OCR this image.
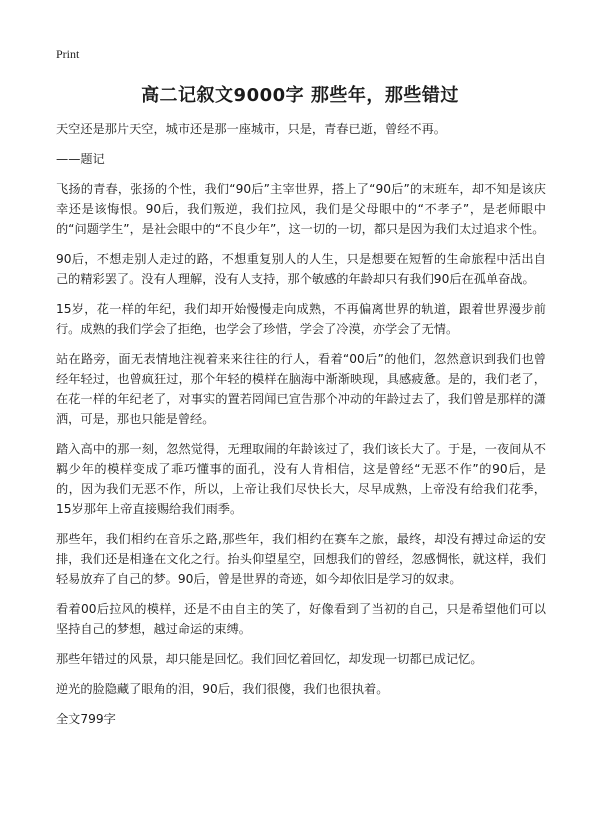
Print
高二记叙文9000字 那些年，那些错过

天空还是那片天空，城市还是那一座城市，只是，青春已逝，曾经不再。

——题记

飞扬的青春，张扬的个性，我们“90后”主宰世界，搭上了“90后”的末班车，却不知是该庆幸还是该悔恨。90后，我们叛逆，我们拉风，我们是父母眼中的“不孝子”，是老师眼中的“问题学生”，是社会眼中的“不良少年”，这一切的一切，都只是因为我们太过追求个性。

90后，不想走别人走过的路，不想重复别人的人生，只是想要在短暂的生命旅程中活出自己的精彩罢了。没有人理解，没有人支持，那个敏感的年龄却只有我们90后在孤单奋战。

15岁，花一样的年纪，我们却开始慢慢走向成熟，不再偏离世界的轨道，跟着世界漫步前行。成熟的我们学会了拒绝，也学会了珍惜，学会了冷漠，亦学会了无情。

站在路旁，面无表情地注视着来来往往的行人，看着“00后”的他们，忽然意识到我们也曾经年轻过，也曾疯狂过，那个年轻的模样在脑海中渐渐映现，具感疲惫。是的，我们老了，在花一样的年纪老了，对事实的置若罔闻已宣告那个冲动的年龄过去了，我们曾是那样的潇洒，可是，那也只能是曾经。

踏入高中的那一刻，忽然觉得，无理取闹的年龄该过了，我们该长大了。于是，一夜间从不羁少年的模样变成了乖巧懂事的面孔，没有人肯相信，这是曾经“无恶不作”的90后，是的，因为我们无恶不作，所以，上帝让我们尽快长大，尽早成熟，上帝没有给我们花季，15岁那年上帝直接赐给我们雨季。

那些年，我们相约在音乐之路,那些年，我们相约在赛车之旅，最终，却没有搏过命运的安排，我们还是相逢在文化之行。抬头仰望星空，回想我们的曾经，忽感惆怅，就这样，我们轻易放弃了自己的梦。90后，曾是世界的奇迹，如今却依旧是学习的奴隶。

看着00后拉风的模样，还是不由自主的笑了，好像看到了当初的自己，只是希望他们可以坚持自己的梦想，越过命运的束缚。

那些年错过的风景，却只能是回忆。我们回忆着回忆，却发现一切都已成记忆。

逆光的脸隐藏了眼角的泪，90后，我们很傻，我们也很执着。

全文799字
